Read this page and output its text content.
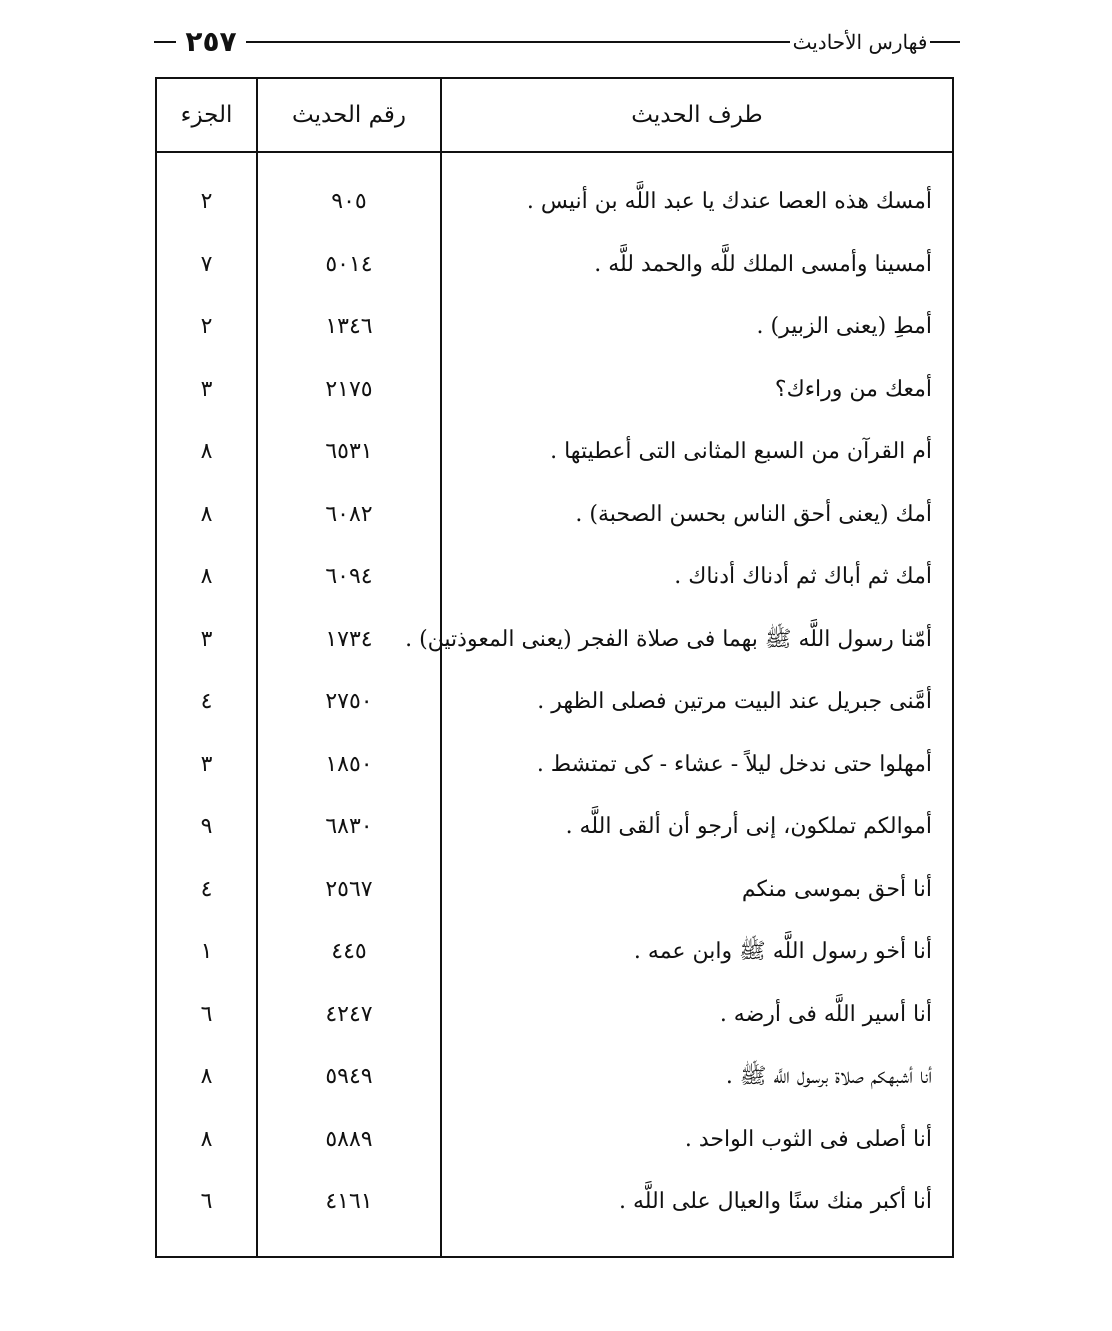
٢٥٧	فهارس الأحاديث
الجزء	رقم الحديث	طرف الحديث
٢	٩٠٥	أمسك هذه العصا عندك يا عبد اللَّه بن أنيس .
٧	٥٠١٤	أمسينا وأمسى الملك للَّه والحمد للَّه .
٢	١٣٤٦	أمطِ (يعنى الزبير) .
٣	٢١٧٥	أمعك من وراءك؟
٨	٦٥٣١	أم القرآن من السبع المثانى التى أعطيتها .
٨	٦٠٨٢	أمك (يعنى أحق الناس بحسن الصحبة) .
٨	٦٠٩٤	أمك ثم أباك ثم أدناك أدناك .
٣	١٧٣٤	أمّنا رسول اللَّه ﷺ بهما فى صلاة الفجر (يعنى المعوذتين) .
٤	٢٧٥٠	أمَّنى جبريل عند البيت مرتين فصلى الظهر .
٣	١٨٥٠	أمهلوا حتى ندخل ليلاً - عشاء - كى تمتشط .
٩	٦٨٣٠	أموالكم تملكون، إنى أرجو أن ألقى اللَّه .
٤	٢٥٦٧	أنا أحق بموسى منكم
١	٤٤٥	أنا أخو رسول اللَّه ﷺ وابن عمه .
٦	٤٢٤٧	أنا أسير اللَّه فى أرضه .
٨	٥٩٤٩	أنا أشبهكم صلاة برسول اللَّه ﷺ .
٨	٥٨٨٩	أنا أصلى فى الثوب الواحد .
٦	٤١٦١	أنا أكبر منك سنًا والعيال على اللَّه .
